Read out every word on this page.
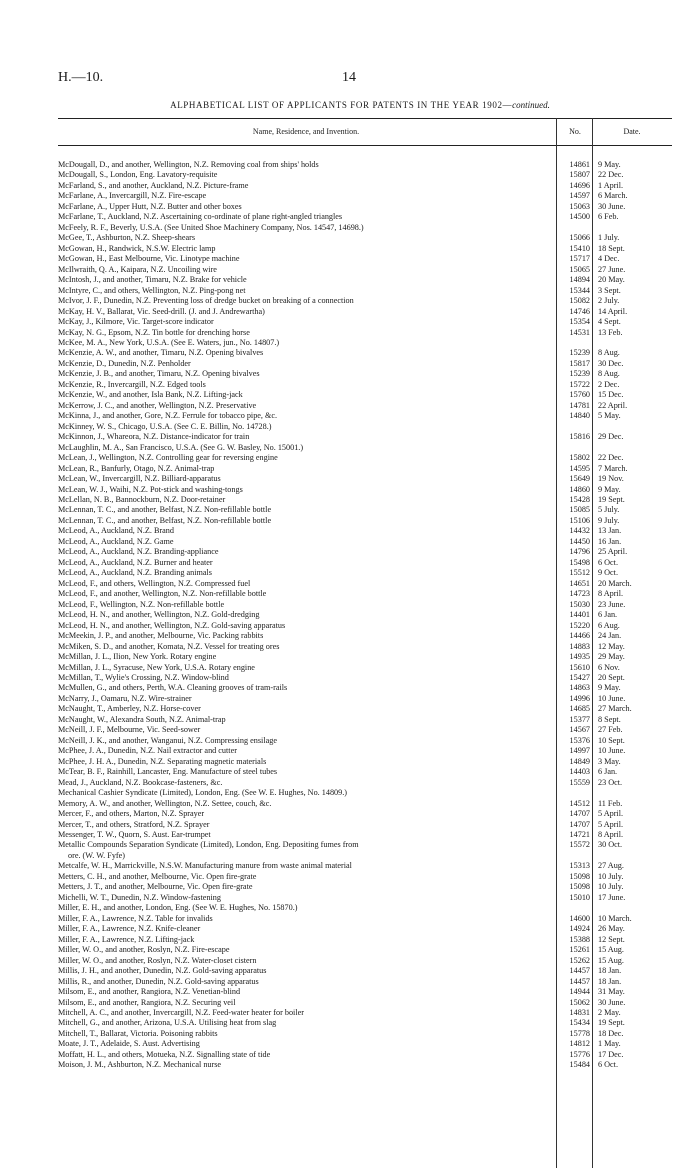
H.—10.	14
ALPHABETICAL LIST OF APPLICANTS FOR PATENTS IN THE YEAR 1902—continued.
Name, Residence, and Invention.	No.	Date.
McDougall, D., and another, Wellington, N.Z. Removing coal from ships' holds	14861 9 May.
McDougall, S., London, Eng. Lavatory-requisite	15807 22 Dec.
McFarland, S., and another, Auckland, N.Z. Picture-frame	14696 1 April.
McFarlane, A., Invercargill, N.Z. Fire-escape	14597 6 March.
McFarlane, A., Upper Hutt, N.Z. Butter and other boxes	15063 30 June.
McFarlane, T., Auckland, N.Z. Ascertaining co-ordinate of plane right-angled triangles	14500 6 Feb.
McFeely, R. F., Beverly, U.S.A. (See United Shoe Machinery Company, Nos. 14547, 14698.)
McGee, T., Ashburton, N.Z. Sheep-shears	15066 1 July.
McGowan, H., Randwick, N.S.W. Electric lamp	15410 18 Sept.
McGowan, H., East Melbourne, Vic. Linotype machine	15717 4 Dec.
McIlwraith, Q. A., Kaipara, N.Z. Uncoiling wire	15065 27 June.
McIntosh, J., and another, Timaru, N.Z. Brake for vehicle	14894 20 May.
McIntyre, C., and others, Wellington, N.Z. Ping-pong net	15344 3 Sept.
McIvor, J. F., Dunedin, N.Z. Preventing loss of dredge bucket on breaking of a connection	15082 2 July.
McKay, H. V., Ballarat, Vic. Seed-drill. (J. and J. Andrewartha)	14746 14 April.
McKay, J., Kilmore, Vic. Target-score indicator	15354 4 Sept.
McKay, N. G., Epsom, N.Z. Tin bottle for drenching horse	14531 13 Feb.
McKee, M. A., New York, U.S.A. (See E. Waters, jun., No. 14807.)
McKenzie, A. W., and another, Timaru, N.Z. Opening bivalves	15239 8 Aug.
McKenzie, D., Dunedin, N.Z. Penholder	15817 30 Dec.
McKenzie, J. B., and another, Timaru, N.Z. Opening bivalves	15239 8 Aug.
McKenzie, R., Invercargill, N.Z. Edged tools	15722 2 Dec.
McKenzie, W., and another, Isla Bank, N.Z. Lifting-jack	15760 15 Dec.
McKerrow, J. C., and another, Wellington, N.Z. Preservative	14781 22 April.
McKinna, J., and another, Gore, N.Z. Ferrule for tobacco pipe, &c.	14840 5 May.
McKinney, W. S., Chicago, U.S.A. (See C. E. Billin, No. 14728.)
McKinnon, J., Whareora, N.Z. Distance-indicator for train	15816 29 Dec.
McLaughlin, M. A., San Francisco, U.S.A. (See G. W. Basley, No. 15001.)
McLean, J., Wellington, N.Z. Controlling gear for reversing engine	15802 22 Dec.
McLean, R., Banfurly, Otago, N.Z. Animal-trap	14595 7 March.
McLean, W., Invercargill, N.Z. Billiard-apparatus	15649 19 Nov.
McLean, W. J., Waihi, N.Z. Pot-stick and washing-tongs	14860 9 May.
McLellan, N. B., Bannockburn, N.Z. Door-retainer	15428 19 Sept.
McLennan, T. C., and another, Belfast, N.Z. Non-refillable bottle	15085 5 July.
McLennan, T. C., and another, Belfast, N.Z. Non-refillable bottle	15106 9 July.
McLeod, A., Auckland, N.Z. Brand	14432 13 Jan.
McLeod, A., Auckland, N.Z. Game	14450 16 Jan.
McLeod, A., Auckland, N.Z. Branding-appliance	14796 25 April.
McLeod, A., Auckland, N.Z. Burner and heater	15498 6 Oct.
McLeod, A., Auckland, N.Z. Branding animals	15512 9 Oct.
McLeod, F., and others, Wellington, N.Z. Compressed fuel	14651 20 March.
McLeod, F., and another, Wellington, N.Z. Non-refillable bottle	14723 8 April.
McLeod, F., Wellington, N.Z. Non-refillable bottle	15030 23 June.
McLeod, H. N., and another, Wellington, N.Z. Gold-dredging	14401 6 Jan.
McLeod, H. N., and another, Wellington, N.Z. Gold-saving apparatus	15220 6 Aug.
McMeekin, J. P., and another, Melbourne, Vic. Packing rabbits	14466 24 Jan.
McMiken, S. D., and another, Komata, N.Z. Vessel for treating ores	14883 12 May.
McMillan, J. L., Ilion, New York. Rotary engine	14935 29 May.
McMillan, J. L., Syracuse, New York, U.S.A. Rotary engine	15610 6 Nov.
McMillan, T., Wylie's Crossing, N.Z. Window-blind	15427 20 Sept.
McMullen, G., and others, Perth, W.A. Cleaning grooves of tram-rails	14863 9 May.
McNarry, J., Oamaru, N.Z. Wire-strainer	14996 10 June.
McNaught, T., Amberley, N.Z. Horse-cover	14685 27 March.
McNaught, W., Alexandra South, N.Z. Animal-trap	15377 8 Sept.
McNeill, J. F., Melbourne, Vic. Seed-sower	14567 27 Feb.
McNeill, J. K., and another, Wanganui, N.Z. Compressing ensilage	15376 10 Sept.
McPhee, J. A., Dunedin, N.Z. Nail extractor and cutter	14997 10 June.
McPhee, J. H. A., Dunedin, N.Z. Separating magnetic materials	14849 3 May.
McTear, B. F., Rainhill, Lancaster, Eng. Manufacture of steel tubes	14403 6 Jan.
Mead, J., Auckland, N.Z. Bookcase-fasteners, &c.	15559 23 Oct.
Mechanical Cashier Syndicate (Limited), London, Eng. (See W. E. Hughes, No. 14809.)
Memory, A. W., and another, Wellington, N.Z. Settee, couch, &c.	14512 11 Feb.
Mercer, F., and others, Marton, N.Z. Sprayer	14707 5 April.
Mercer, T., and others, Stratford, N.Z. Sprayer	14707 5 April.
Messenger, T. W., Quorn, S. Aust. Ear-trumpet	14721 8 April.
Metallic Compounds Separation Syndicate (Limited), London, Eng. Depositing fumes from	15572 30 Oct.
ore. (W. W. Fyfe)
Metcalfe, W. H., Marrickville, N.S.W. Manufacturing manure from waste animal material	15313 27 Aug.
Metters, C. H., and another, Melbourne, Vic. Open fire-grate	15098 10 July.
Metters, J. T., and another, Melbourne, Vic. Open fire-grate	15098 10 July.
Michelli, W. T., Dunedin, N.Z. Window-fastening	15010 17 June.
Miller, E. H., and another, London, Eng. (See W. E. Hughes, No. 15870.)
Miller, F. A., Lawrence, N.Z. Table for invalids	14600 10 March.
Miller, F. A., Lawrence, N.Z. Knife-cleaner	14924 26 May.
Miller, F. A., Lawrence, N.Z. Lifting-jack	15388 12 Sept.
Miller, W. O., and another, Roslyn, N.Z. Fire-escape	15261 15 Aug.
Miller, W. O., and another, Roslyn, N.Z. Water-closet cistern	15262 15 Aug.
Millis, J. H., and another, Dunedin, N.Z. Gold-saving apparatus	14457 18 Jan.
Millis, R., and another, Dunedin, N.Z. Gold-saving apparatus	14457 18 Jan.
Milsom, E., and another, Rangiora, N.Z. Venetian-blind	14944 31 May.
Milsom, E., and another, Rangiora, N.Z. Securing veil	15062 30 June.
Mitchell, A. C., and another, Invercargill, N.Z. Feed-water heater for boiler	14831 2 May.
Mitchell, G., and another, Arizona, U.S.A. Utilising heat from slag	15434 19 Sept.
Mitchell, T., Ballarat, Victoria. Poisoning rabbits	15778 18 Dec.
Moate, J. T., Adelaide, S. Aust. Advertising	14812 1 May.
Moffatt, H. L., and others, Motueka, N.Z. Signalling state of tide	15776 17 Dec.
Moison, J. M., Ashburton, N.Z. Mechanical nurse	15484 6 Oct.
